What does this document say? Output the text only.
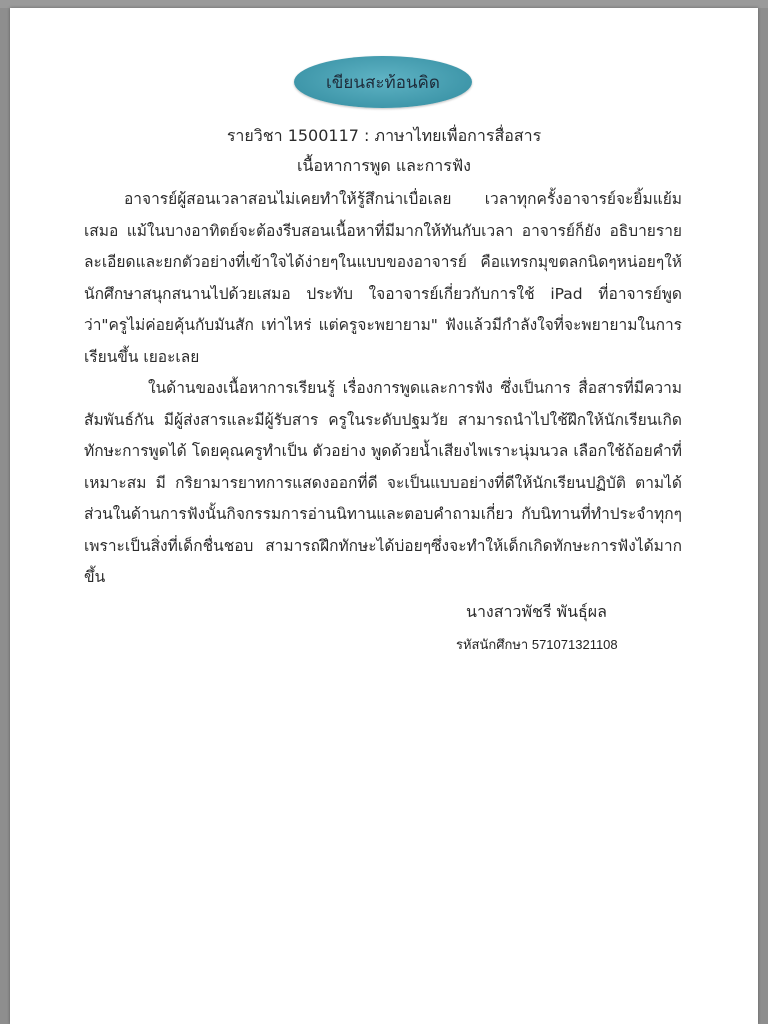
เขียนสะท้อนคิด
รายวิชา 1500117 : ภาษาไทยเพื่อการสื่อสาร
เนื้อหาการพูด และการฟัง

อาจารย์ผู้สอนเวลาสอนไม่เคยทำให้รู้สึกน่าเบื่อเลย เวลาทุกครั้งอาจารย์จะยิ้มแย้มเสมอ แม้ในบางอาทิตย์จะต้องรีบสอนเนื้อหาที่มีมากให้ทันกับเวลา อาจารย์ก็ยัง อธิบายรายละเอียดและยกตัวอย่างที่เข้าใจได้ง่ายๆในแบบของอาจารย์ คือแทรกมุขตลกนิดๆหน่อยๆให้นักศึกษาสนุกสนานไปด้วยเสมอ ประทับ ใจอาจารย์เกี่ยวกับการใช้ iPad ที่อาจารย์พูดว่า"ครูไม่ค่อยคุ้นกับมันสัก เท่าไหร่ แต่ครูจะพยายาม" ฟังแล้วมีกำลังใจที่จะพยายามในการเรียนขึ้น เยอะเลย

ในด้านของเนื้อหาการเรียนรู้ เรื่องการพูดและการฟัง ซึ่งเป็นการ สื่อสารที่มีความสัมพันธ์กัน มีผู้ส่งสารและมีผู้รับสาร ครูในระดับปฐมวัย สามารถนำไปใช้ฝึกให้นักเรียนเกิดทักษะการพูดได้ โดยคุณครูทำเป็น ตัวอย่าง พูดด้วยน้ำเสียงไพเราะนุ่มนวล เลือกใช้ถ้อยคำที่เหมาะสม มี กริยามารยาทการแสดงออกที่ดี จะเป็นแบบอย่างที่ดีให้นักเรียนปฏิบัติ ตามได้ ส่วนในด้านการฟังนั้นกิจกรรมการอ่านนิทานและตอบคำถามเกี่ยว กับนิทานที่ทำประจำทุกๆเพราะเป็นสิ่งที่เด็กชื่นชอบ สามารถฝึกทักษะได้บ่อยๆซึ่งจะทำให้เด็กเกิดทักษะการฟังได้มากขึ้น

นางสาวพัชรี พันธุ์ผล
รหัสนักศึกษา 571071321108
